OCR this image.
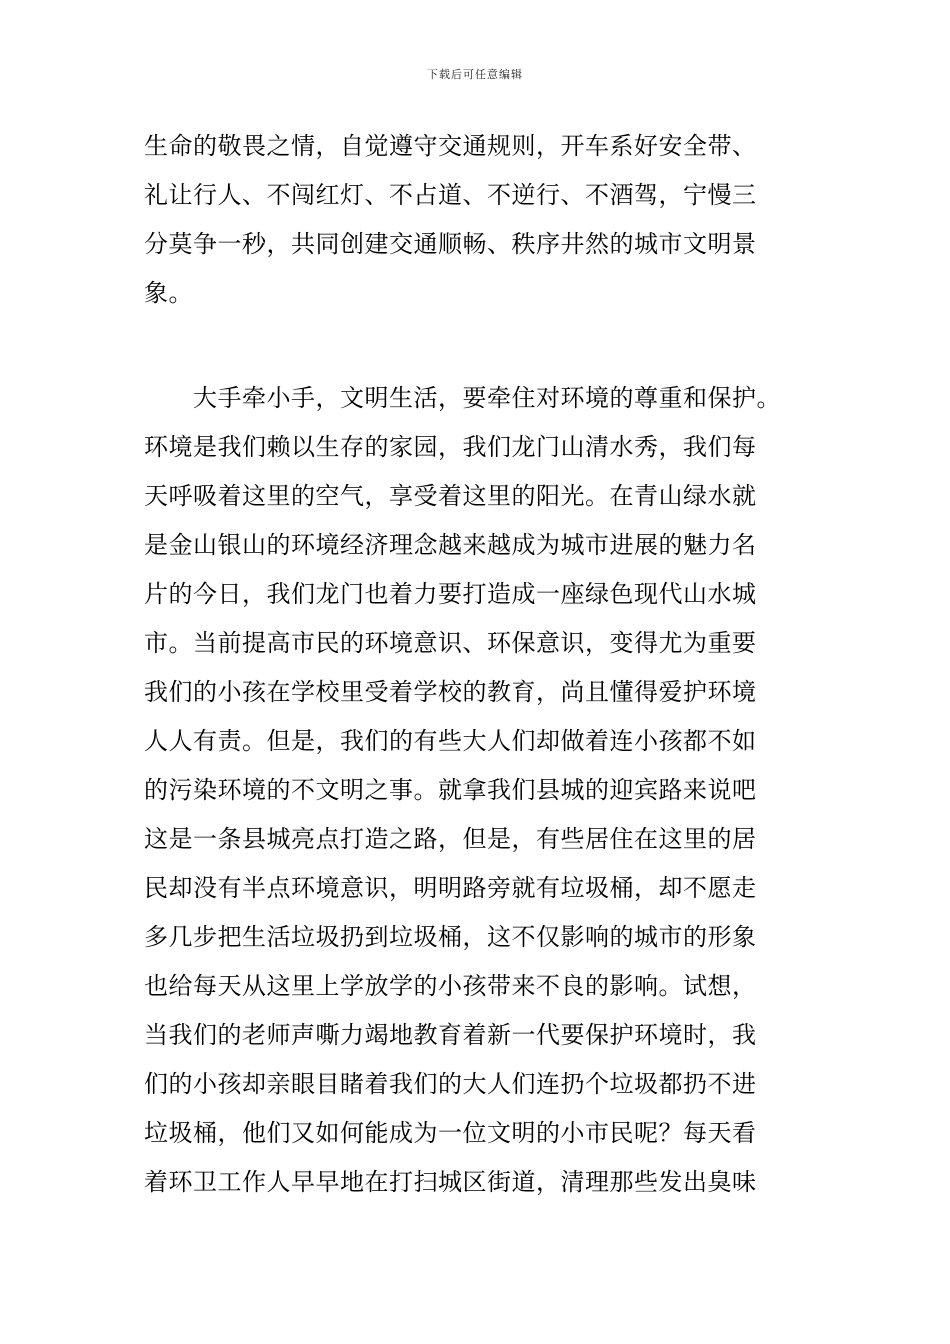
下载后可任意编辑
生命的敬畏之情，自觉遵守交通规则，开车系好安全带、
礼让行人、不闯红灯、不占道、不逆行、不酒驾，宁慢三
分莫争一秒，共同创建交通顺畅、秩序井然的城市文明景
象。
　　大手牵小手，文明生活，要牵住对环境的尊重和保护。
环境是我们赖以生存的家园，我们龙门山清水秀，我们每
天呼吸着这里的空气，享受着这里的阳光。在青山绿水就
是金山银山的环境经济理念越来越成为城市进展的魅力名
片的今日，我们龙门也着力要打造成一座绿色现代山水城
市。当前提高市民的环境意识、环保意识，变得尤为重要
我们的小孩在学校里受着学校的教育，尚且懂得爱护环境
人人有责。但是，我们的有些大人们却做着连小孩都不如
的污染环境的不文明之事。就拿我们县城的迎宾路来说吧
这是一条县城亮点打造之路，但是，有些居住在这里的居
民却没有半点环境意识，明明路旁就有垃圾桶，却不愿走
多几步把生活垃圾扔到垃圾桶，这不仅影响的城市的形象
也给每天从这里上学放学的小孩带来不良的影响。试想，
当我们的老师声嘶力竭地教育着新一代要保护环境时，我
们的小孩却亲眼目睹着我们的大人们连扔个垃圾都扔不进
垃圾桶，他们又如何能成为一位文明的小市民呢？每天看
着环卫工作人早早地在打扫城区街道，清理那些发出臭味
